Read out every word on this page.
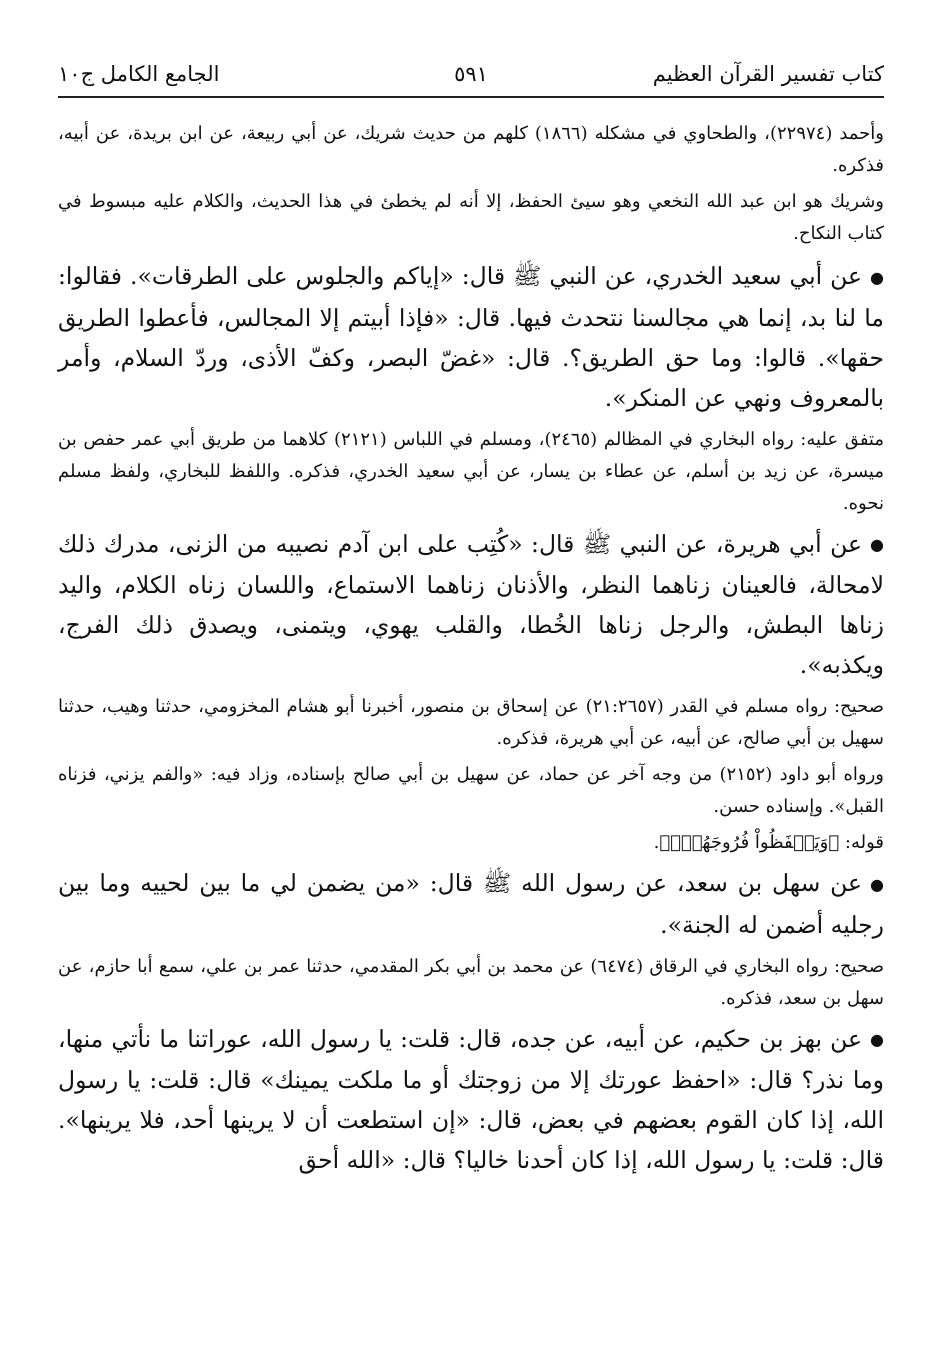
كتاب تفسير القرآن العظيم
٥٩١
الجامع الكامل ج١٠

وأحمد (٢٢٩٧٤)، والطحاوي في مشكله (١٨٦٦) كلهم من حديث شريك، عن أبي ربيعة، عن ابن بريدة، عن أبيه، فذكره.

وشريك هو ابن عبد الله النخعي وهو سيئ الحفظ، إلا أنه لم يخطئ في هذا الحديث، والكلام عليه مبسوط في كتاب النكاح.

●عن أبي سعيد الخدري، عن النبي ﷺ قال: «إياكم والجلوس على الطرقات». فقالوا: ما لنا بد، إنما هي مجالسنا نتحدث فيها. قال: «فإذا أبيتم إلا المجالس، فأعطوا الطريق حقها». قالوا: وما حق الطريق؟. قال: «غضّ البصر، وكفّ الأذى، وردّ السلام، وأمر بالمعروف ونهي عن المنكر».

متفق عليه: رواه البخاري في المظالم (٢٤٦٥)، ومسلم في اللباس (٢١٢١) كلاهما من طريق أبي عمر حفص بن ميسرة، عن زيد بن أسلم، عن عطاء بن يسار، عن أبي سعيد الخدري، فذكره. واللفظ للبخاري، ولفظ مسلم نحوه.

●عن أبي هريرة، عن النبي ﷺ قال: «كُتِب على ابن آدم نصيبه من الزنى، مدرك ذلك لامحالة، فالعينان زناهما النظر، والأذنان زناهما الاستماع، واللسان زناه الكلام، واليد زناها البطش، والرجل زناها الخُطا، والقلب يهوي، ويتمنى، ويصدق ذلك الفرج، ويكذبه».

صحيح: رواه مسلم في القدر (٢١:٢٦٥٧) عن إسحاق بن منصور، أخبرنا أبو هشام المخزومي، حدثنا وهيب، حدثنا سهيل بن أبي صالح، عن أبيه، عن أبي هريرة، فذكره.

ورواه أبو داود (٢١٥٢) من وجه آخر عن حماد، عن سهيل بن أبي صالح بإسناده، وزاد فيه: «والفم يزني، فزناه القبل». وإسناده حسن.

قوله: ﴿وَيَحۡفَظُواْ فُرُوجَهُمۡۚ﴾.

●عن سهل بن سعد، عن رسول الله ﷺ قال: «من يضمن لي ما بين لحييه وما بين رجليه أضمن له الجنة».

صحيح: رواه البخاري في الرقاق (٦٤٧٤) عن محمد بن أبي بكر المقدمي، حدثنا عمر بن علي، سمع أبا حازم، عن سهل بن سعد، فذكره.

●عن بهز بن حكيم، عن أبيه، عن جده، قال: قلت: يا رسول الله، عوراتنا ما نأتي منها، وما نذر؟ قال: «احفظ عورتك إلا من زوجتك أو ما ملكت يمينك» قال: قلت: يا رسول الله، إذا كان القوم بعضهم في بعض، قال: «إن استطعت أن لا يرينها أحد، فلا يرينها». قال: قلت: يا رسول الله، إذا كان أحدنا خاليا؟ قال: «الله أحق
